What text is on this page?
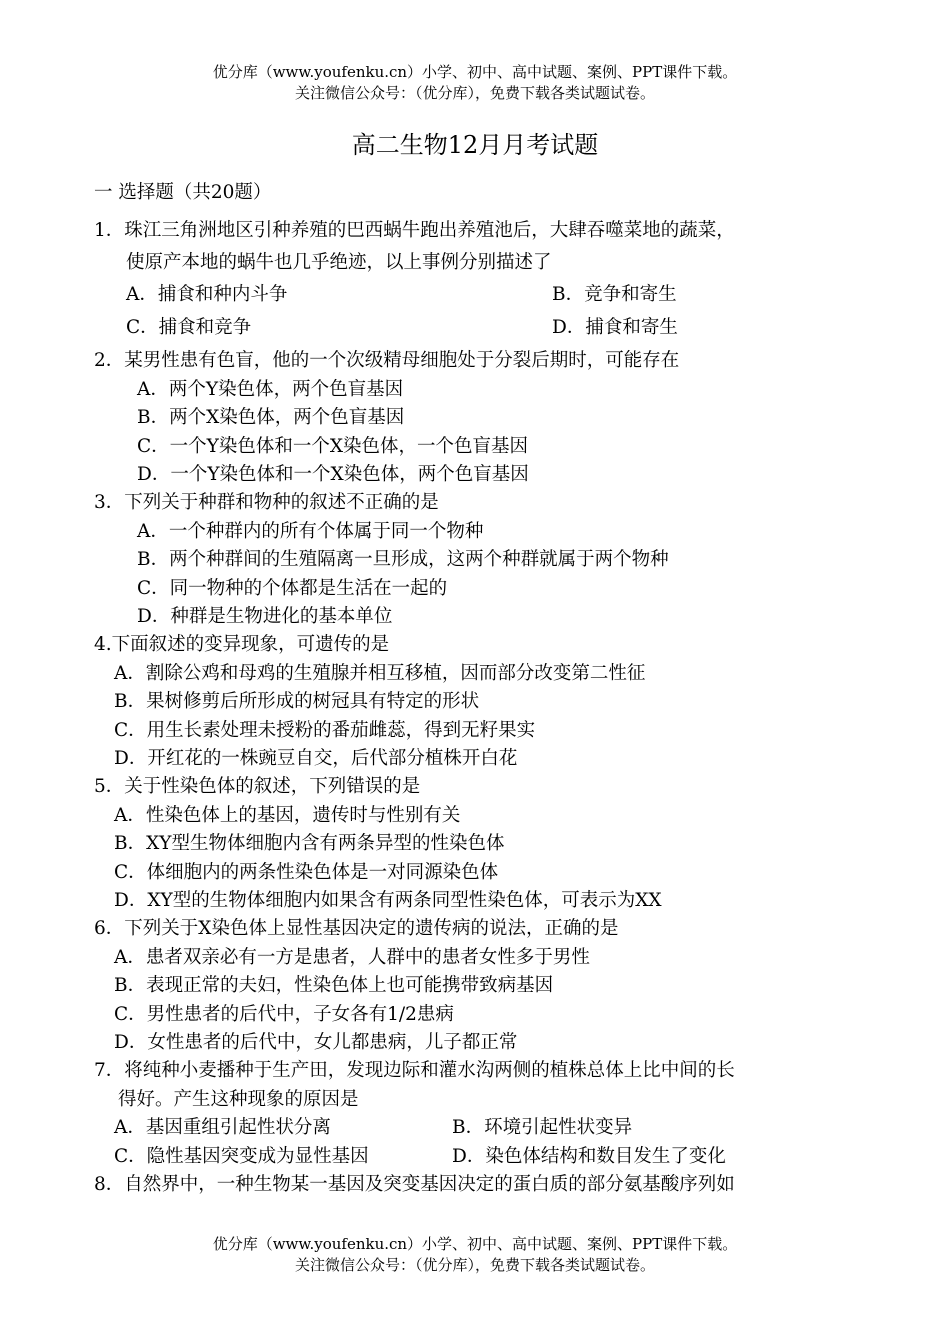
优分库（www.youfenku.cn）小学、初中、高中试题、案例、PPT课件下载。
关注微信公众号：（优分库），免费下载各类试题试卷。
高二生物12月月考试题
一 选择题（共20题）
1．珠江三角洲地区引种养殖的巴西蜗牛跑出养殖池后，大肆吞噬菜地的蔬菜，
使原产本地的蜗牛也几乎绝迹，以上事例分别描述了
A．捕食和种内斗争	B．竞争和寄生
C．捕食和竞争	D．捕食和寄生
2．某男性患有色盲，他的一个次级精母细胞处于分裂后期时，可能存在
A．两个Y染色体，两个色盲基因
B．两个X染色体，两个色盲基因
C．一个Y染色体和一个X染色体，一个色盲基因
D．一个Y染色体和一个X染色体，两个色盲基因
3．下列关于种群和物种的叙述不正确的是
A．一个种群内的所有个体属于同一个物种
B．两个种群间的生殖隔离一旦形成，这两个种群就属于两个物种
C．同一物种的个体都是生活在一起的
D．种群是生物进化的基本单位
4.下面叙述的变异现象，可遗传的是
A．割除公鸡和母鸡的生殖腺并相互移植，因而部分改变第二性征
B．果树修剪后所形成的树冠具有特定的形状
C．用生长素处理未授粉的番茄雌蕊，得到无籽果实
D．开红花的一株豌豆自交，后代部分植株开白花
5．关于性染色体的叙述，下列错误的是
A．性染色体上的基因，遗传时与性别有关
B．XY型生物体细胞内含有两条异型的性染色体
C．体细胞内的两条性染色体是一对同源染色体
D．XY型的生物体细胞内如果含有两条同型性染色体，可表示为XX
6．下列关于X染色体上显性基因决定的遗传病的说法，正确的是
A．患者双亲必有一方是患者，人群中的患者女性多于男性
B．表现正常的夫妇，性染色体上也可能携带致病基因
C．男性患者的后代中，子女各有1/2患病
D．女性患者的后代中，女儿都患病，儿子都正常
7．将纯种小麦播种于生产田，发现边际和灌水沟两侧的植株总体上比中间的长
得好。产生这种现象的原因是
A．基因重组引起性状分离	B．环境引起性状变异
C．隐性基因突变成为显性基因	D．染色体结构和数目发生了变化
8．自然界中，一种生物某一基因及突变基因决定的蛋白质的部分氨基酸序列如
优分库（www.youfenku.cn）小学、初中、高中试题、案例、PPT课件下载。
关注微信公众号：（优分库），免费下载各类试题试卷。
